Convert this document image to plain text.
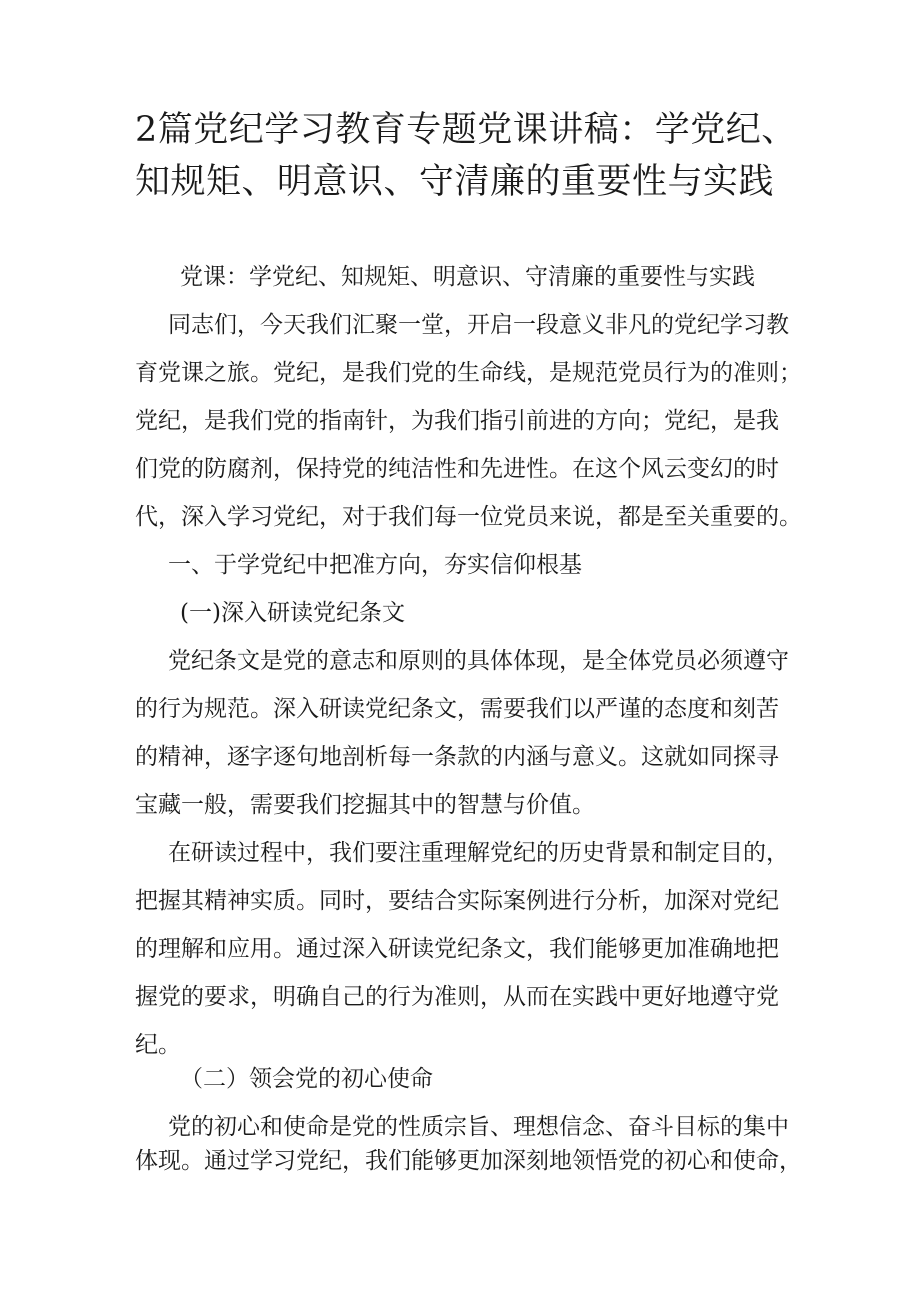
2篇党纪学习教育专题党课讲稿：学党纪、
知规矩、明意识、守清廉的重要性与实践

党课：学党纪、知规矩、明意识、守清廉的重要性与实践

同志们，今天我们汇聚一堂，开启一段意义非凡的党纪学习教

育党课之旅。党纪，是我们党的生命线，是规范党员行为的准则；

党纪，是我们党的指南针，为我们指引前进的方向；党纪，是我

们党的防腐剂，保持党的纯洁性和先进性。在这个风云变幻的时

代，深入学习党纪，对于我们每一位党员来说，都是至关重要的。

一、于学党纪中把准方向，夯实信仰根基

(一)深入研读党纪条文

党纪条文是党的意志和原则的具体体现，是全体党员必须遵守

的行为规范。深入研读党纪条文，需要我们以严谨的态度和刻苦

的精神，逐字逐句地剖析每一条款的内涵与意义。这就如同探寻

宝藏一般，需要我们挖掘其中的智慧与价值。

在研读过程中，我们要注重理解党纪的历史背景和制定目的，

把握其精神实质。同时，要结合实际案例进行分析，加深对党纪

的理解和应用。通过深入研读党纪条文，我们能够更加准确地把

握党的要求，明确自己的行为准则，从而在实践中更好地遵守党

纪。

（二）领会党的初心使命

党的初心和使命是党的性质宗旨、理想信念、奋斗目标的集中

体现。通过学习党纪，我们能够更加深刻地领悟党的初心和使命，
